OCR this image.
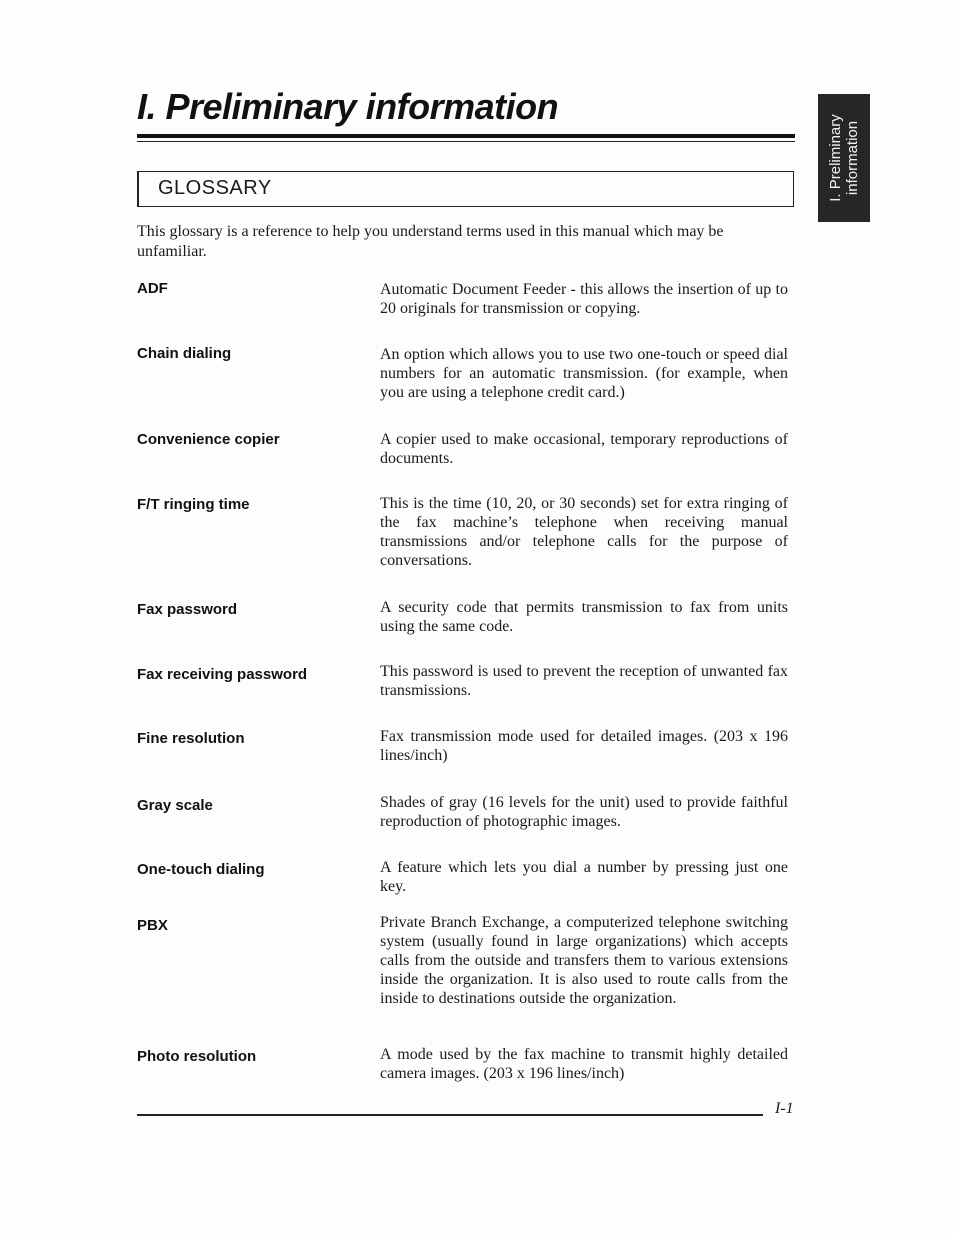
I. Preliminary information
I. Preliminary information
GLOSSARY

This glossary is a reference to help you understand terms used in this manual which may be unfamiliar.

ADF	Automatic Document Feeder - this allows the insertion of up to 20 originals for transmission or copying.

Chain dialing	An option which allows you to use two one-touch or speed dial numbers for an automatic transmission. (for example, when you are using a telephone credit card.)

Convenience copier	A copier used to make occasional, temporary reproductions of documents.

F/T ringing time	This is the time (10, 20, or 30 seconds) set for extra ringing of the fax machine’s telephone when receiving manual transmissions and/or telephone calls for the purpose of conversations.

Fax password	A security code that permits transmission to fax from units using the same code.

Fax receiving password	This password is used to prevent the reception of unwanted fax transmissions.

Fine resolution	Fax transmission mode used for detailed images. (203 x 196 lines/inch)

Gray scale	Shades of gray (16 levels for the unit) used to provide faithful reproduction of photographic images.

One-touch dialing	A feature which lets you dial a number by pressing just one key.

PBX	Private Branch Exchange, a computerized telephone switching system (usually found in large organizations) which accepts calls from the outside and transfers them to various extensions inside the organization. It is also used to route calls from the inside to destinations outside the organization.

Photo resolution	A mode used by the fax machine to transmit highly detailed camera images. (203 x 196 lines/inch)

I-1
